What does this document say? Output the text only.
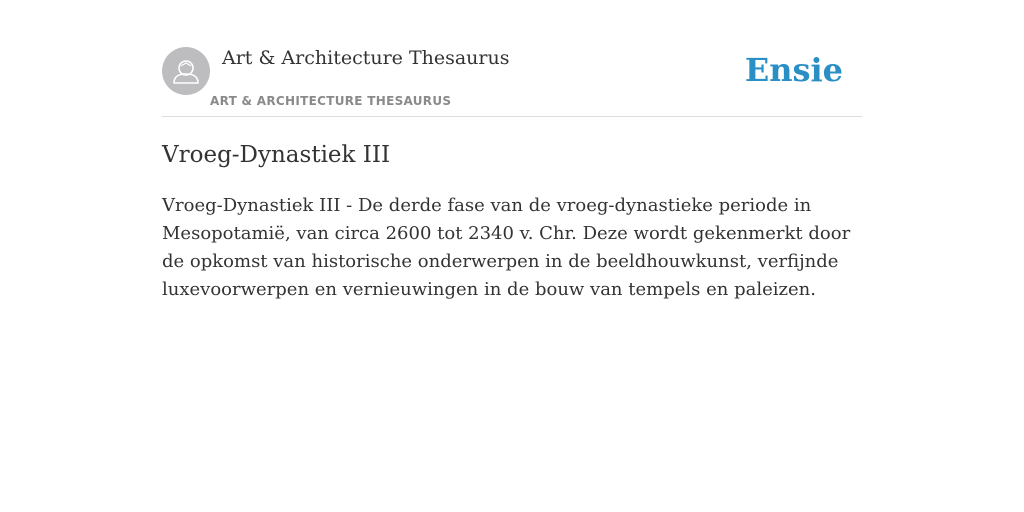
Art & Architecture Thesaurus
ART & ARCHITECTURE THESAURUS
Ensie
Vroeg-Dynastiek III
Vroeg-Dynastiek III - De derde fase van de vroeg-dynastieke periode in Mesopotamië, van circa 2600 tot 2340 v. Chr. Deze wordt gekenmerkt door de opkomst van historische onderwerpen in de beeldhouwkunst, verfijnde luxevoorwerpen en vernieuwingen in de bouw van tempels en paleizen.
